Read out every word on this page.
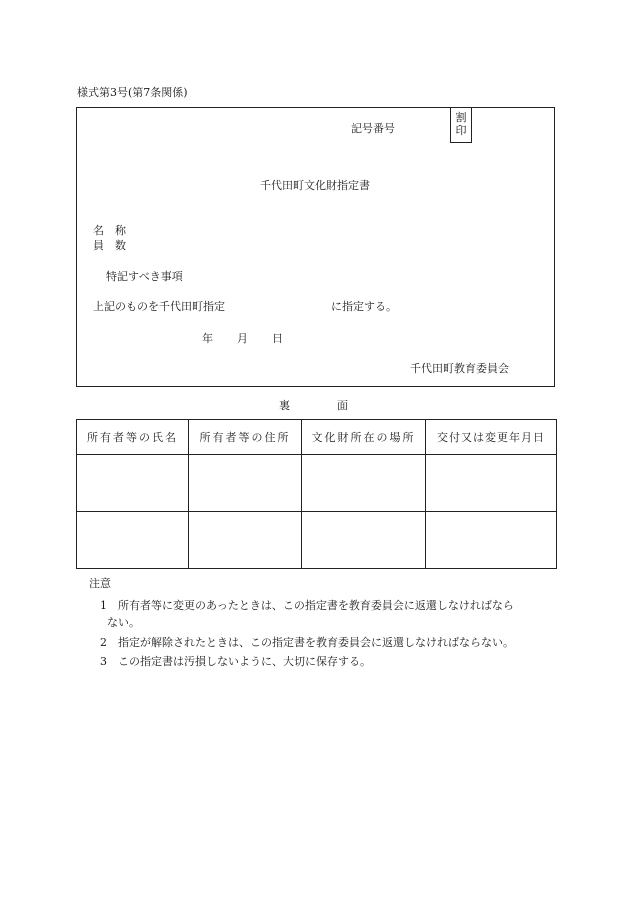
様式第3号(第7条関係)
記号番号
割
印
千代田町文化財指定書
名　称
員　数
特記すべき事項
上記のものを千代田町指定	に指定する。
年 月 日
千代田町教育委員会
裏	面
所有者等の氏名	所有者等の住所	文化財所在の場所	交付又は変更年月日

注意
1　所有者等に変更のあったときは、この指定書を教育委員会に返還しなければなら
ない。
2　指定が解除されたときは、この指定書を教育委員会に返還しなければならない。
3　この指定書は汚損しないように、大切に保存する。
